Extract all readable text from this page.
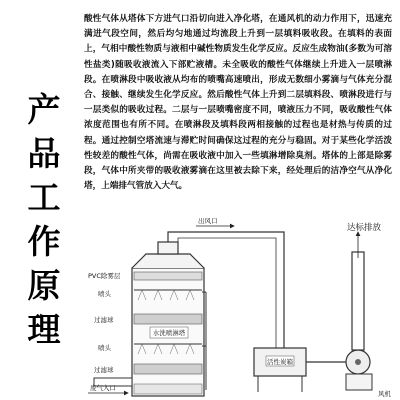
产
品
工
作
原
理

酸性气体从塔体下方进气口沿切向进入净化塔，在通风机的动力作用下，迅速充满进气段空间，然后均匀地通过均流段上升到一层填料吸收段。在填料的表面上，气相中酸性物质与液相中碱性物质发生化学反应。反应生成物油(多数为可溶性盐类)随吸收液流入下部贮液槽。未全吸收的酸性气体继续上升进入一层喷淋段。在喷淋段中吸收液从均布的喷嘴高速喷出，形成无数细小雾滴与气体充分混合、接触、继续发生化学反应。然后酸性气体上升到二层填料段、喷淋段进行与一层类似的吸收过程。二层与一层喷嘴密度不同，喷液压力不同，吸收酸性气体浓度范围也有所不同。在喷淋段及填料段两相接触的过程也是材热与传质的过程。通过控制空塔流速与滞贮时间确保这过程的充分与稳固。对于某些化学活泼性较差的酸性气体，尚需在吸收液中加入一些填淋增除臭剂。塔体的上部是除雾段，气体中所夹带的吸收液雾滴在这里被去除下来，经处理后的洁净空气从净化塔，上端排气管放入大气。

达标排放
出风口
PVC除雾层
喷头
过滤球
水洗喷淋塔
喷头
过滤球
废气入口
活性炭箱
风机
